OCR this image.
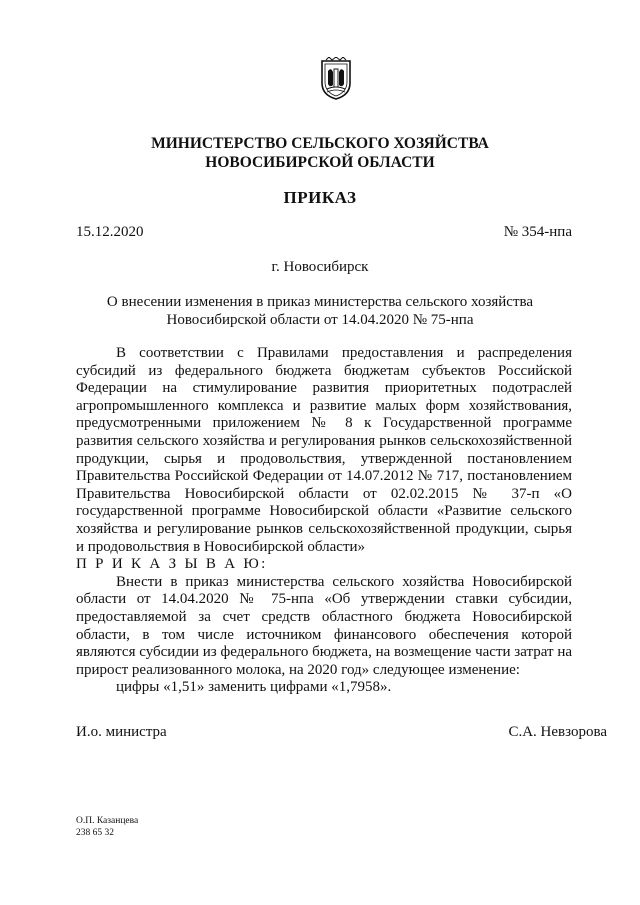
МИНИСТЕРСТВО СЕЛЬСКОГО ХОЗЯЙСТВА
НОВОСИБИРСКОЙ ОБЛАСТИ
ПРИКАЗ
15.12.2020	№ 354-нпа
г. Новосибирск
О внесении изменения в приказ министерства сельского хозяйства
Новосибирской области от 14.04.2020 № 75-нпа

В соответствии с Правилами предоставления и распределения субсидий из федерального бюджета бюджетам субъектов Российской Федерации на стимулирование развития приоритетных подотраслей агропромышленного комплекса и развитие малых форм хозяйствования, предусмотренными приложением № 8 к Государственной программе развития сельского хозяйства и регулирования рынков сельскохозяйственной продукции, сырья и продовольствия, утвержденной постановлением Правительства Российской Федерации от 14.07.2012 № 717, постановлением Правительства Новосибирской области от 02.02.2015 № 37-п «О государственной программе Новосибирской области «Развитие сельского хозяйства и регулирование рынков сельскохозяйственной продукции, сырья и продовольствия в Новосибирской области»

П Р И К А З Ы В А Ю:

Внести в приказ министерства сельского хозяйства Новосибирской области от 14.04.2020 № 75-нпа «Об утверждении ставки субсидии, предоставляемой за счет средств областного бюджета Новосибирской области, в том числе источником финансового обеспечения которой являются субсидии из федерального бюджета, на возмещение части затрат на прирост реализованного молока, на 2020 год» следующее изменение:

цифры «1,51» заменить цифрами «1,7958».

И.о. министра	С.А. Невзорова
О.П. Казанцева
238 65 32
